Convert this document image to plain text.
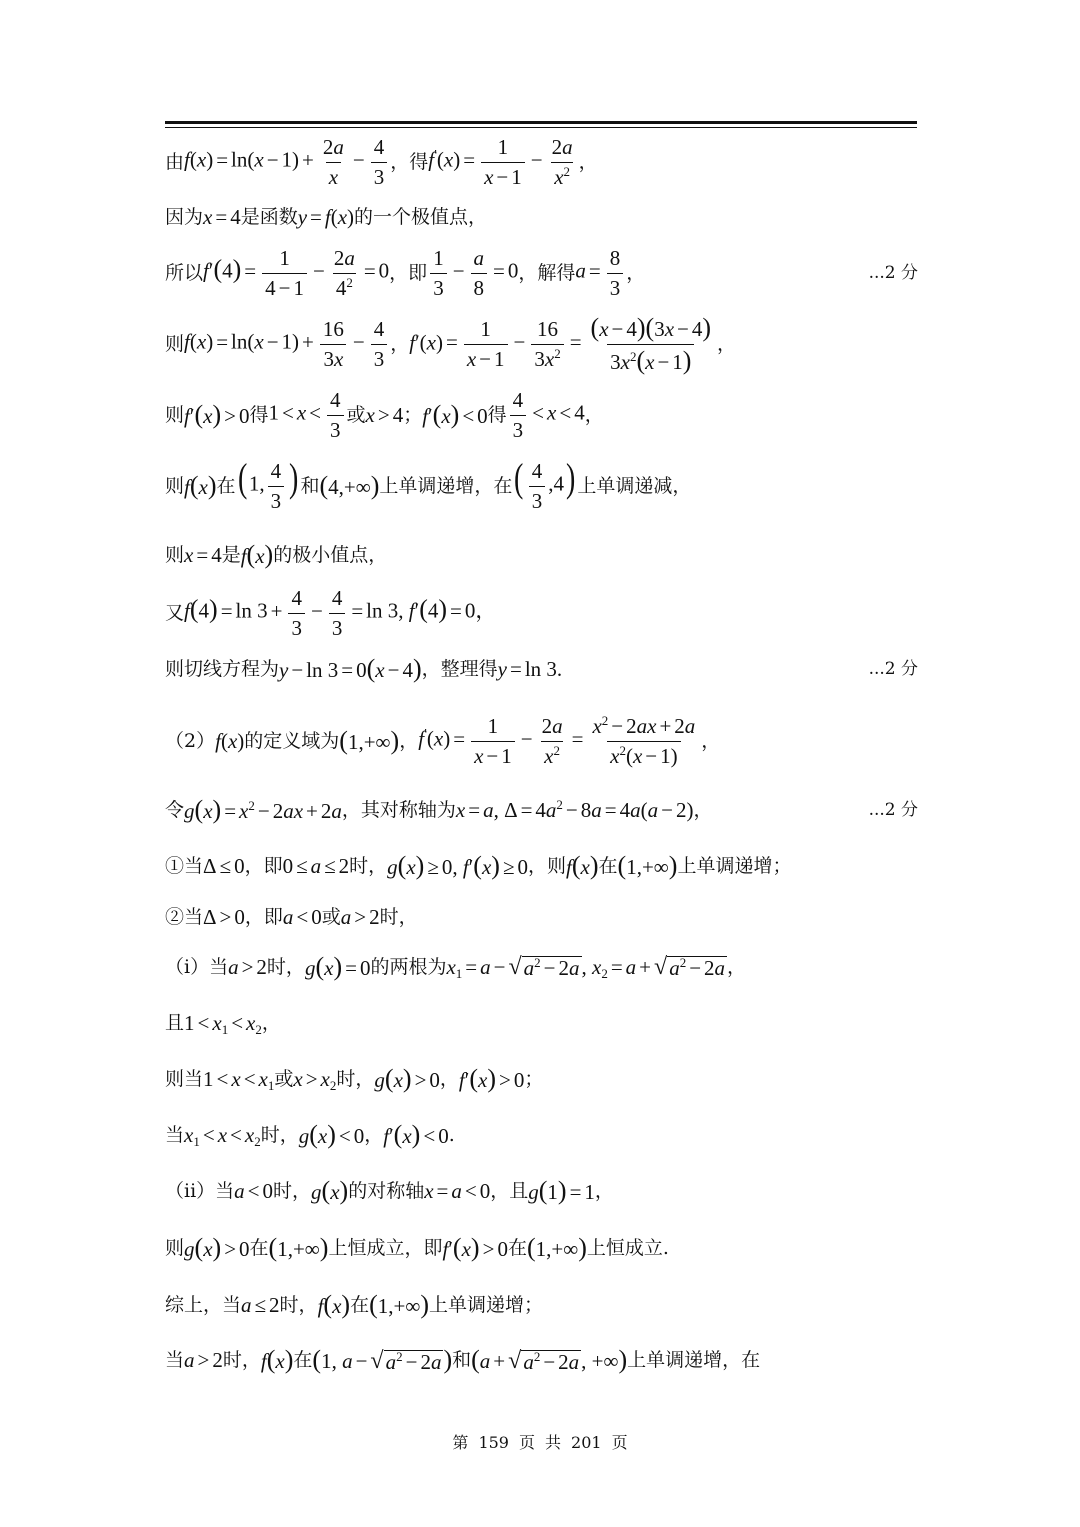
由 $f(x) = \ln(x - 1) + \frac{2a}{x} - \frac{4}{3}$ ，得 $f'(x) = \frac{1}{x - 1} - \frac{2a}{x^2}$ ，
因为 x = 4 是函数 y = f(x) 的一个极值点，
所以 $f'(4) = \frac{1}{4 - 1} - \frac{2a}{4^2} = 0$ ，即 $\frac{1}{3} - \frac{a}{8} = 0$ ，解得 $a = \frac{8}{3}$ ，	...2 分
则 $f(x) = \ln(x - 1) + \frac{16}{3x} - \frac{4}{3}$ ， $f'(x) = \frac{1}{x - 1} - \frac{16}{3x^2} = \frac{(x - 4)(3x - 4)}{3x^2(x - 1)}$ ，
则 f′(x) > 0 得 $1 < x < \frac{4}{3}$ 或 x > 4 ； f′(x) < 0 得 $\frac{4}{3} < x < 4$ ，
则 f(x) 在 (1, $\frac{4}{3}$ ) 和 (4,+∞) 上单调递增，在 ( $\frac{4}{3} ,4$) 上单调递减，
则 x = 4 是 f(x) 的极小值点，
又 $f(4) = \ln 3 + \frac{4}{3} - \frac{4}{3} = \ln 3$, f′(4) = 0，
则切线方程为 y − ln 3 = 0(x − 4) ，整理得 y = ln 3.	...2 分
（2） f(x) 的定义域为 (1,+∞) ， $f'(x) = \frac{1}{x - 1} - \frac{2a}{x^2} = \frac{x^2 - 2ax + 2a}{x^2(x - 1)}$ ，
令 $g(x) = x^2 - 2ax + 2a$ ，其对称轴为 x = a, $\Delta = 4a^2 - 8a = 4a(a - 2)$ ，	...2 分
①当 Δ ≤ 0 ，即 0 ≤ a ≤ 2 时， g(x) ≥ 0, f′(x) ≥ 0 ，则 f(x) 在 (1,+∞) 上单调递增；
②当 Δ > 0 ，即 a < 0 或 a > 2 时，
（i）当 a > 2 时， g(x) = 0 的两根为 $x_1 = a$ − √ $a^2 - 2a$ , $x_2 = a$ + √ $a^2 - 2a$ ，
且 $1 < x_1 < x_2$ ，
则当 $1 < x < x_1$ 或 $x > x_2$ 时， g(x) > 0 ， f′(x) > 0 ；
当 $x_1 < x < x_2$ 时， g(x) < 0 ， f′(x) < 0 .
（ii）当 a < 0 时， g(x) 的对称轴 x = a < 0 ，且 g(1) = 1 ，
则 g(x) > 0 在 (1,+∞) 上恒成立，即 f′(x) > 0 在 (1,+∞) 上恒成立.
综上，当 a ≤ 2 时， f(x) 在 (1,+∞) 上单调递增；
当 a > 2 时， f(x) 在 (1, a − √ $a^2 - 2a$ ) 和 (a + √ $a^2 - 2a$ , +∞) 上单调递增，在
第 159 页 共 201 页
